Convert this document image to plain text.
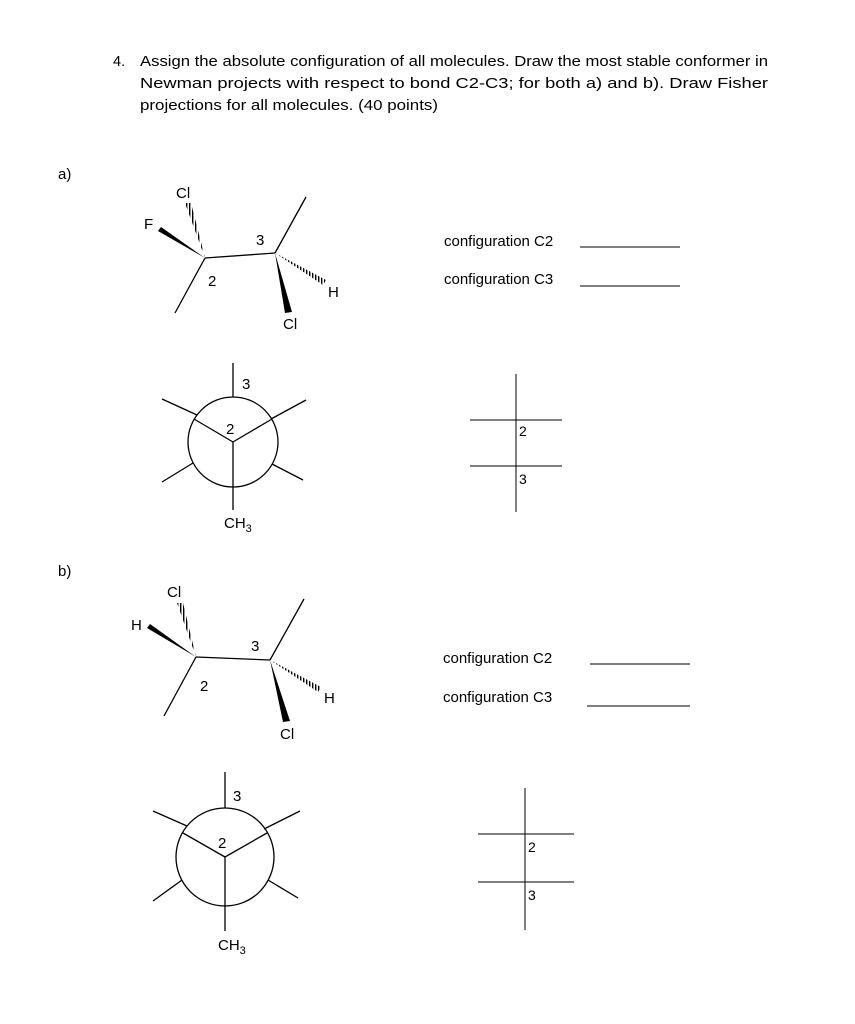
4. Assign the absolute configuration of all molecules. Draw the most stable conformer in
Newman projects with respect to bond C2-C3; for both a) and b). Draw Fisher
projections for all molecules. (40 points)
a)
Cl
F
2
3
H
Cl
configuration C2
configuration C3
3
2
$CH_3$
2
3
b)
Cl
H
2
3
H
Cl
configuration C2
configuration C3
3
2
$CH_3$
2
3
